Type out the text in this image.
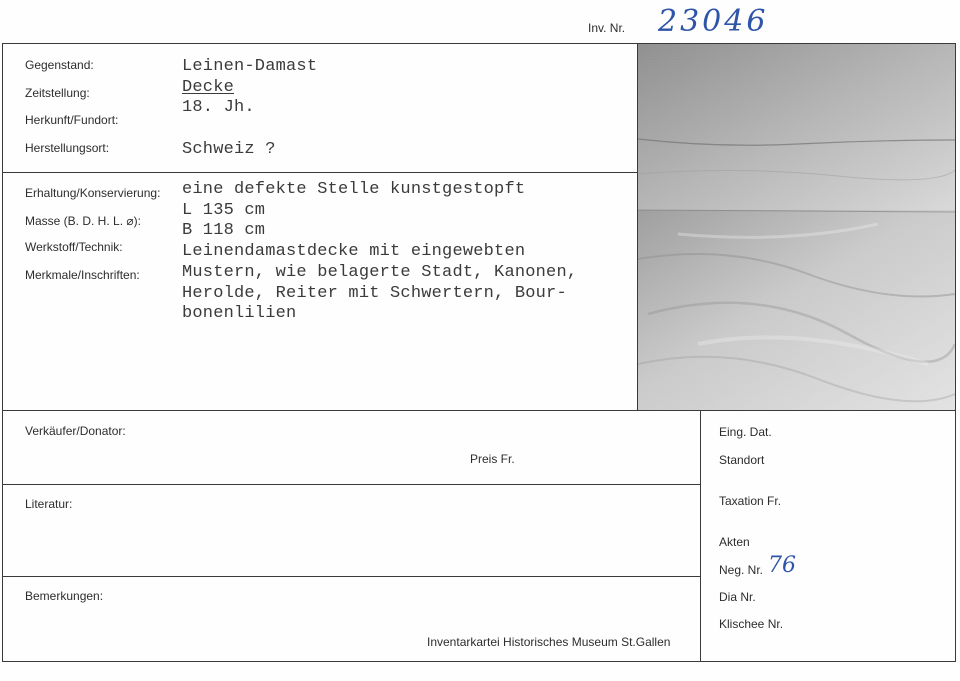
Inv. Nr. 23046
Gegenstand:
Zeitstellung:
Herkunft/Fundort:
Herstellungsort:
Leinen-Damast
Decke
18. Jh.
Schweiz ?
Erhaltung/Konservierung:
Masse (B. D. H. L. ⌀):
Werkstoff/Technik:
Merkmale/Inschriften:
eine defekte Stelle kunstgestopft
L 135 cm
B 118 cm
Leinendamastdecke mit eingewebten
Mustern, wie belagerte Stadt, Kanonen,
Herolde, Reiter mit Schwertern, Bour-
bonenlilien
Verkäufer/Donator:
Preis Fr.
Literatur:
Bemerkungen:
Inventarkartei Historisches Museum St.Gallen
Eing. Dat.
Standort
Taxation Fr.
Akten
Neg. Nr. 76
Dia Nr.
Klischee Nr.
